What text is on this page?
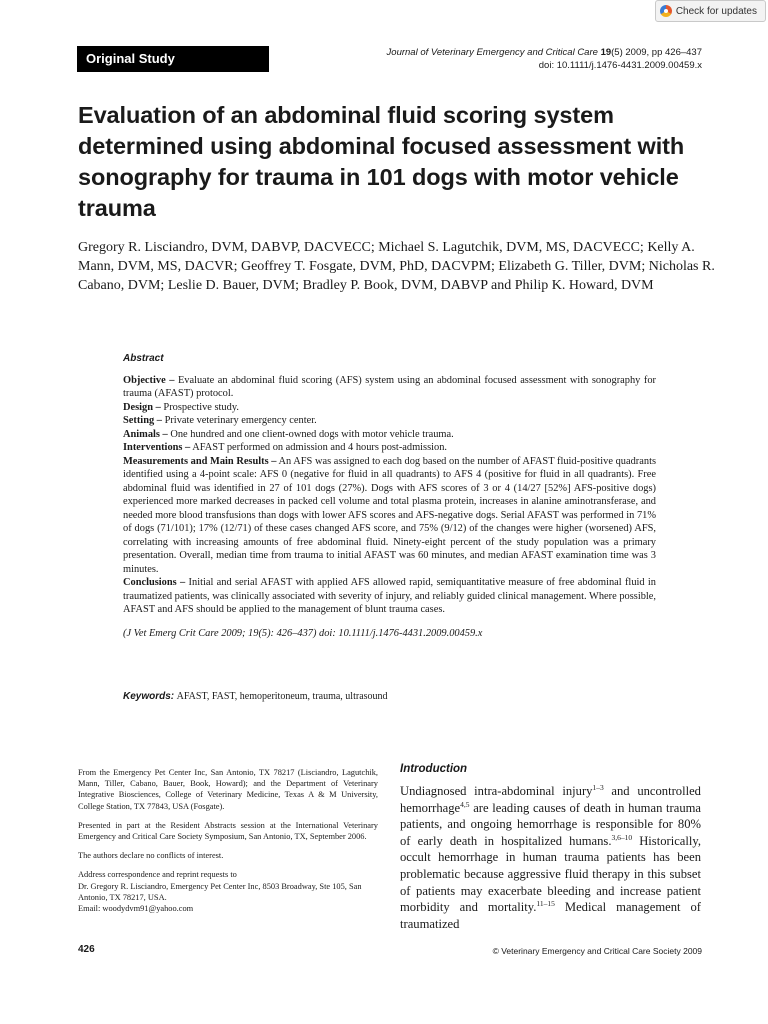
Check for updates
Original Study	Journal of Veterinary Emergency and Critical Care 19(5) 2009, pp 426–437
doi: 10.1111/j.1476-4431.2009.00459.x
Evaluation of an abdominal fluid scoring system determined using abdominal focused assessment with sonography for trauma in 101 dogs with motor vehicle trauma
Gregory R. Lisciandro, DVM, DABVP, DACVECC; Michael S. Lagutchik, DVM, MS, DACVECC; Kelly A. Mann, DVM, MS, DACVR; Geoffrey T. Fosgate, DVM, PhD, DACVPM; Elizabeth G. Tiller, DVM; Nicholas R. Cabano, DVM; Leslie D. Bauer, DVM; Bradley P. Book, DVM, DABVP and Philip K. Howard, DVM
Abstract
Objective – Evaluate an abdominal fluid scoring (AFS) system using an abdominal focused assessment with sonography for trauma (AFAST) protocol.
Design – Prospective study.
Setting – Private veterinary emergency center.
Animals – One hundred and one client-owned dogs with motor vehicle trauma.
Interventions – AFAST performed on admission and 4 hours post-admission.
Measurements and Main Results – An AFS was assigned to each dog based on the number of AFAST fluid-positive quadrants identified using a 4-point scale: AFS 0 (negative for fluid in all quadrants) to AFS 4 (positive for fluid in all quadrants). Free abdominal fluid was identified in 27 of 101 dogs (27%). Dogs with AFS scores of 3 or 4 (14/27 [52%] AFS-positive dogs) experienced more marked decreases in packed cell volume and total plasma protein, increases in alanine aminotransferase, and needed more blood transfusions than dogs with lower AFS scores and AFS-negative dogs. Serial AFAST was performed in 71% of dogs (71/101); 17% (12/71) of these cases changed AFS score, and 75% (9/12) of the changes were higher (worsened) AFS, correlating with increasing amounts of free abdominal fluid. Ninety-eight percent of the study population was a primary presentation. Overall, median time from trauma to initial AFAST was 60 minutes, and median AFAST examination time was 3 minutes.
Conclusions – Initial and serial AFAST with applied AFS allowed rapid, semiquantitative measure of free abdominal fluid in traumatized patients, was clinically associated with severity of injury, and reliably guided clinical management. Where possible, AFAST and AFS should be applied to the management of blunt trauma cases.
(J Vet Emerg Crit Care 2009; 19(5): 426–437) doi: 10.1111/j.1476-4431.2009.00459.x
Keywords: AFAST, FAST, hemoperitoneum, trauma, ultrasound

From the Emergency Pet Center Inc, San Antonio, TX 78217 (Lisciandro, Lagutchik, Mann, Tiller, Cabano, Bauer, Book, Howard); and the Department of Veterinary Integrative Biosciences, College of Veterinary Medicine, Texas A & M University, College Station, TX 77843, USA (Fosgate).

Presented in part at the Resident Abstracts session at the International Veterinary Emergency and Critical Care Society Symposium, San Antonio, TX, September 2006.

The authors declare no conflicts of interest.

Address correspondence and reprint requests to
Dr. Gregory R. Lisciandro, Emergency Pet Center Inc, 8503 Broadway, Ste 105, San Antonio, TX 78217, USA.
Email: woodydvm91@yahoo.com
Introduction
Undiagnosed intra-abdominal injury$^{1-3}$ and uncontrolled hemorrhage$^{4,5}$ are leading causes of death in human trauma patients, and ongoing hemorrhage is responsible for 80% of early death in hospitalized humans.$^{3,6-10}$ Historically, occult hemorrhage in human trauma patients has been problematic because aggressive fluid therapy in this subset of patients may exacerbate bleeding and increase patient morbidity and mortality.$^{11-15}$ Medical management of traumatized
426	© Veterinary Emergency and Critical Care Society 2009
